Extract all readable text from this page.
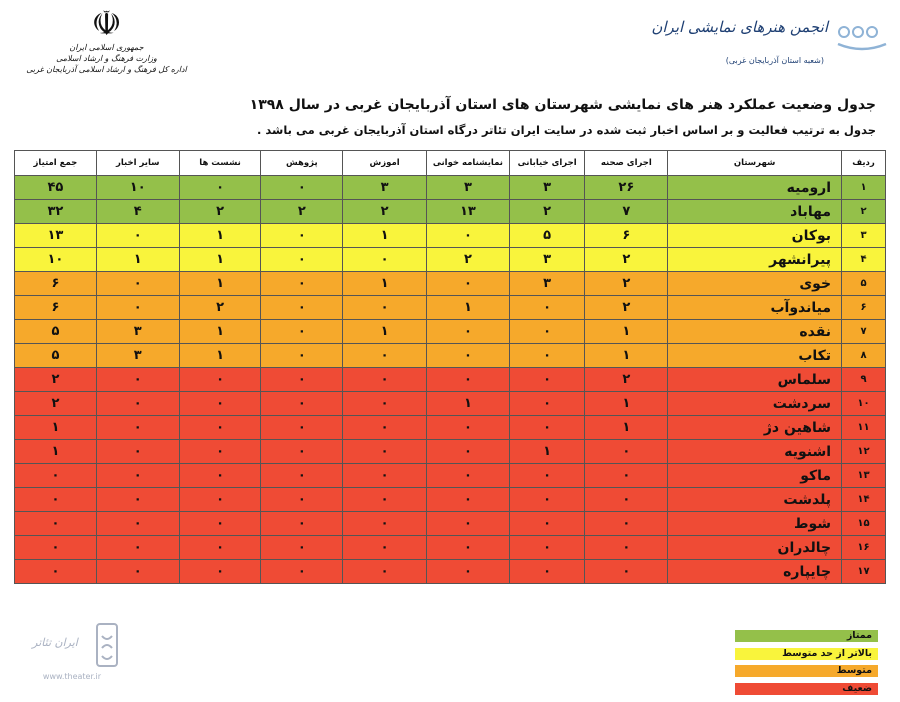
☫
جمهوری اسلامی ایران
وزارت فرهنگ و ارشاد اسلامی
اداره کل فرهنگ و ارشاد اسلامی آذربایجان غربی
انجمن هنرهای نمایشی ایران
(شعبه استان آذربایجان غربی)
جدول وضعیت عملکرد هنر های نمایشی شهرستان های استان آذربایجان غربی در سال ۱۳۹۸
جدول به ترتیب فعالیت و بر اساس اخبار ثبت شده در سایت ایران تئاتر درگاه استان آذربایجان غربی می باشد .
ردیف	شهرستان	اجرای صحنه	اجرای خیابانی	نمایشنامه خوانی	اموزش	پژوهش	نشست ها	سایر اخبار	جمع امتیاز
۱	ارومیه	۲۶	۳	۳	۳	۰	۰	۱۰	۴۵
۲	مهاباد	۷	۲	۱۳	۲	۲	۲	۴	۳۲
۳	بوکان	۶	۵	۰	۱	۰	۱	۰	۱۳
۴	پیرانشهر	۲	۳	۲	۰	۰	۱	۱	۱۰
۵	خوی	۲	۳	۰	۱	۰	۱	۰	۶
۶	میاندوآب	۲	۰	۱	۰	۰	۲	۰	۶
۷	نقده	۱	۰	۰	۱	۰	۱	۳	۵
۸	تکاب	۱	۰	۰	۰	۰	۱	۳	۵
۹	سلماس	۲	۰	۰	۰	۰	۰	۰	۲
۱۰	سردشت	۱	۰	۱	۰	۰	۰	۰	۲
۱۱	شاهین دژ	۱	۰	۰	۰	۰	۰	۰	۱
۱۲	اشنویه	۰	۱	۰	۰	۰	۰	۰	۱
۱۳	ماکو	۰	۰	۰	۰	۰	۰	۰	۰
۱۴	پلدشت	۰	۰	۰	۰	۰	۰	۰	۰
۱۵	شوط	۰	۰	۰	۰	۰	۰	۰	۰
۱۶	چالدران	۰	۰	۰	۰	۰	۰	۰	۰
۱۷	چایپاره	۰	۰	۰	۰	۰	۰	۰	۰
ایران تئاتر
www.theater.ir
ممتاز
بالاتر از حد متوسط
متوسط
ضعیف
